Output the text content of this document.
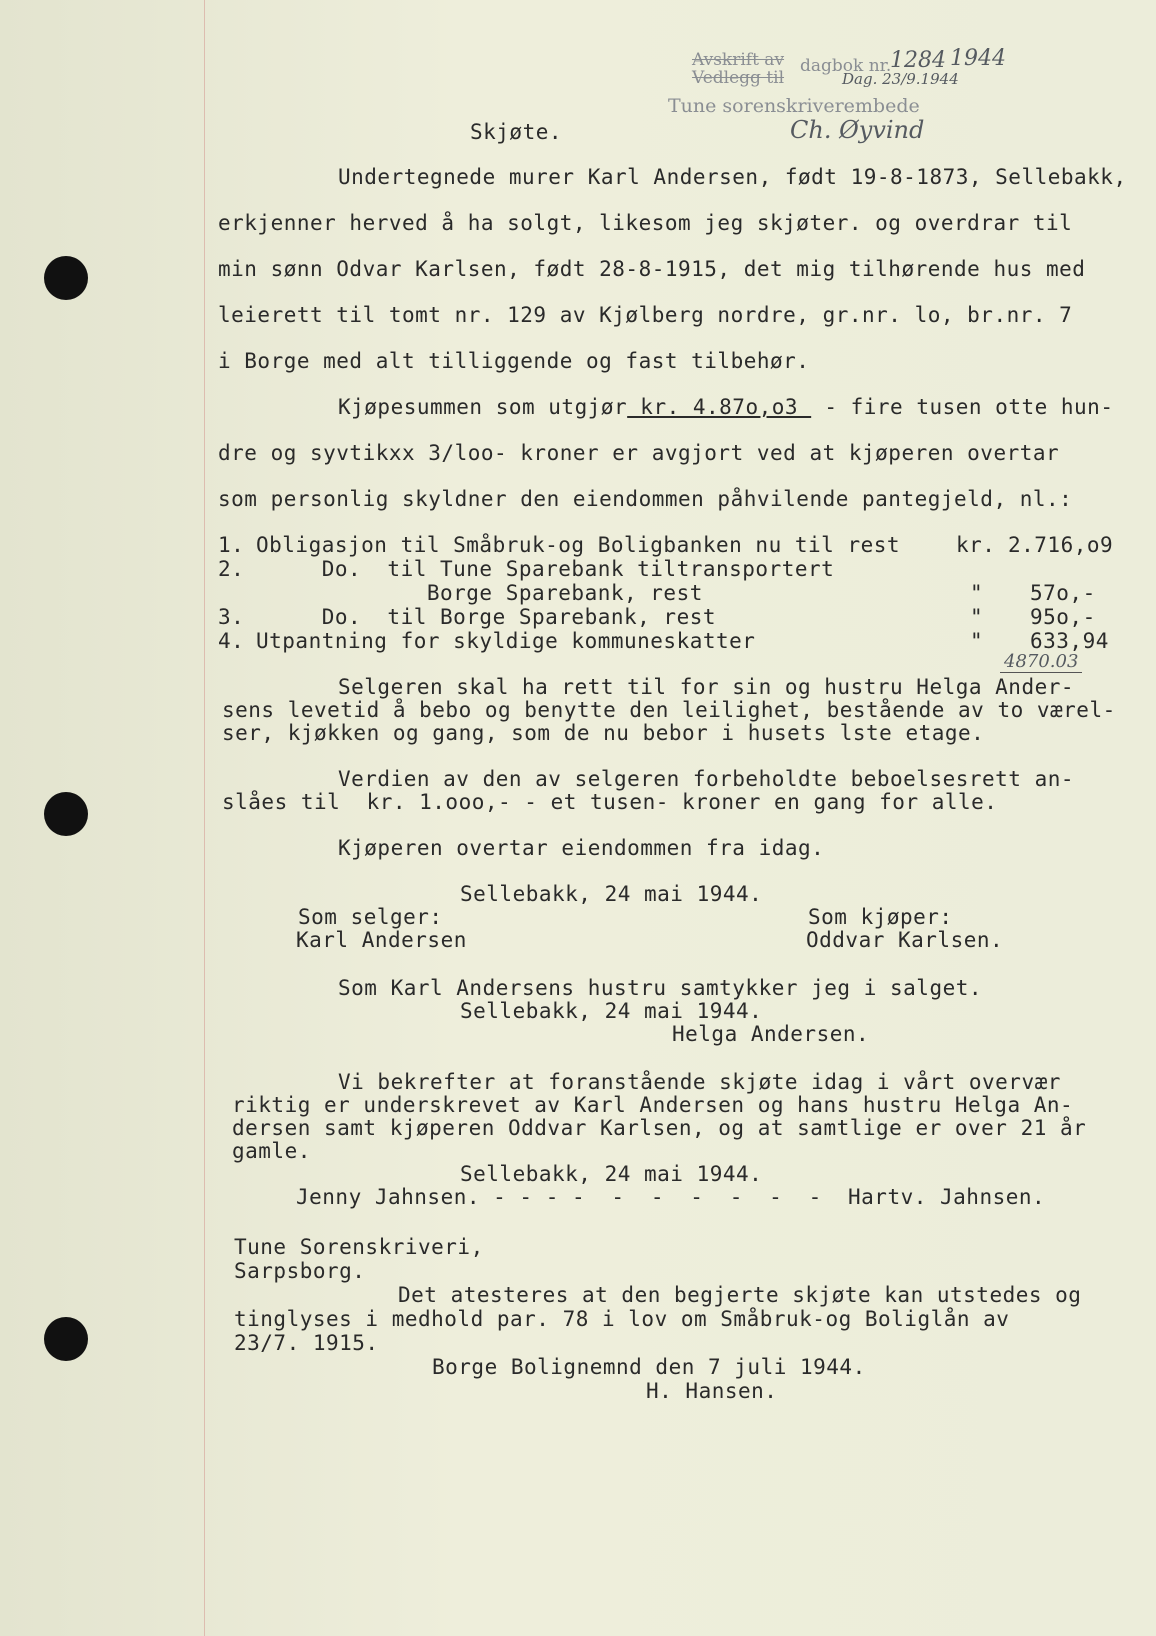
Avskrift av
Vedlegg til
dagbok nr.
1284 1944
Dag. 23/9.1944
Tune sorenskriverembede
Ch. Øyvind
Skjøte.
Undertegnede murer Karl Andersen, født 19-8-1873, Sellebakk,
erkjenner herved å ha solgt, likesom jeg skjøter. og overdrar til
min sønn Odvar Karlsen, født 28-8-1915, det mig tilhørende hus med
leierett til tomt nr. 129 av Kjølberg nordre, gr.nr. lo, br.nr. 7
i Borge med alt tilliggende og fast tilbehør.
Kjøpesummen som utgjør kr. 4.87o,o3  - fire tusen otte hun-
dre og syvtikxx 3/loo- kroner er avgjort ved at kjøperen overtar
som personlig skyldner den eiendommen påhvilende pantegjeld, nl.:
1. Obligasjon til Småbruk-og Boligbanken nu til rest	kr. 2.716,o9
2. Do.  til Tune Sparebank tiltransportert
Borge Sparebank, rest	" 57o,-
3. Do.  til Borge Sparebank, rest	" 95o,-
4. Utpantning for skyldige kommuneskatter	" 633,94
4870.03
Selgeren skal ha rett til for sin og hustru Helga Ander-
sens levetid å bebo og benytte den leilighet, bestående av to værel-
ser, kjøkken og gang, som de nu bebor i husets lste etage.
Verdien av den av selgeren forbeholdte beboelsesrett an-
slåes til  kr. 1.ooo,- - et tusen- kroner en gang for alle.
Kjøperen overtar eiendommen fra idag.
Sellebakk, 24 mai 1944.
Som selger:
Karl Andersen
Som kjøper:
Oddvar Karlsen.
Som Karl Andersens hustru samtykker jeg i salget.
Sellebakk, 24 mai 1944.
Helga Andersen.
Vi bekrefter at foranstående skjøte idag i vårt overvær
riktig er underskrevet av Karl Andersen og hans hustru Helga An-
dersen samt kjøperen Oddvar Karlsen, og at samtlige er over 21 år
gamle.
Sellebakk, 24 mai 1944.
Jenny Jahnsen. - - - -  -  -  -  -  -  -  Hartv. Jahnsen.
Tune Sorenskriveri,
Sarpsborg.
Det atesteres at den begjerte skjøte kan utstedes og
tinglyses i medhold par. 78 i lov om Småbruk-og Boliglån av
23/7. 1915.
Borge Bolignemnd den 7 juli 1944.
H. Hansen.
